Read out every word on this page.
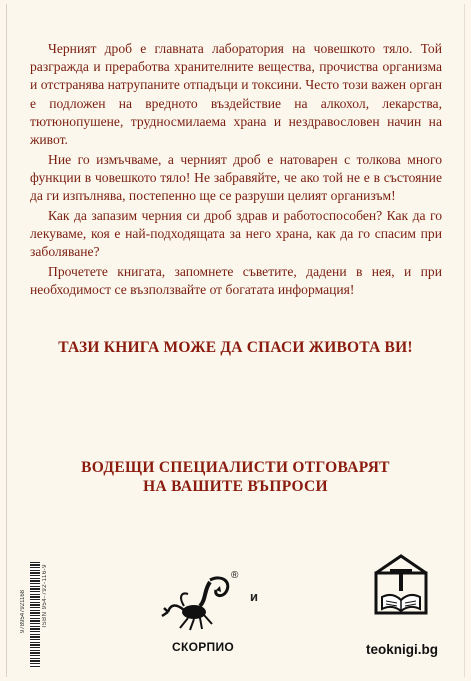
Черният дроб е главната лаборатория на човешкото тяло. Той разгражда и преработва хранителните вещества, прочиства организма и отстранява натрупаните отпадъци и токсини. Често този важен орган е подложен на вредното въздействие на алкохол, лекарства, тютюнопушене, трудносмилаема храна и нездравословен начин на живот.

Ние го измъчваме, а черният дроб е натоварен с толкова много функции в човешкото тяло! Не забравяйте, че ако той не е в състояние да ги изпълнява, постепенно ще се разруши целият организъм!

Как да запазим черния си дроб здрав и работоспособен? Как да го лекуваме, коя е най-подходящата за него храна, как да го спасим при заболяване?

Прочетете книгата, запомнете съветите, дадени в нея, и при необходимост се възползвайте от богатата информация!

ТАЗИ КНИГА МОЖЕ ДА СПАСИ ЖИВОТА ВИ!
ВОДЕЩИ СПЕЦИАЛИСТИ ОТГОВАРЯТ
НА ВАШИТЕ ВЪПРОСИ
ISBN 954-792-116-9
9789547921168
®
СКОРПИО
и
teoknigi.bg
